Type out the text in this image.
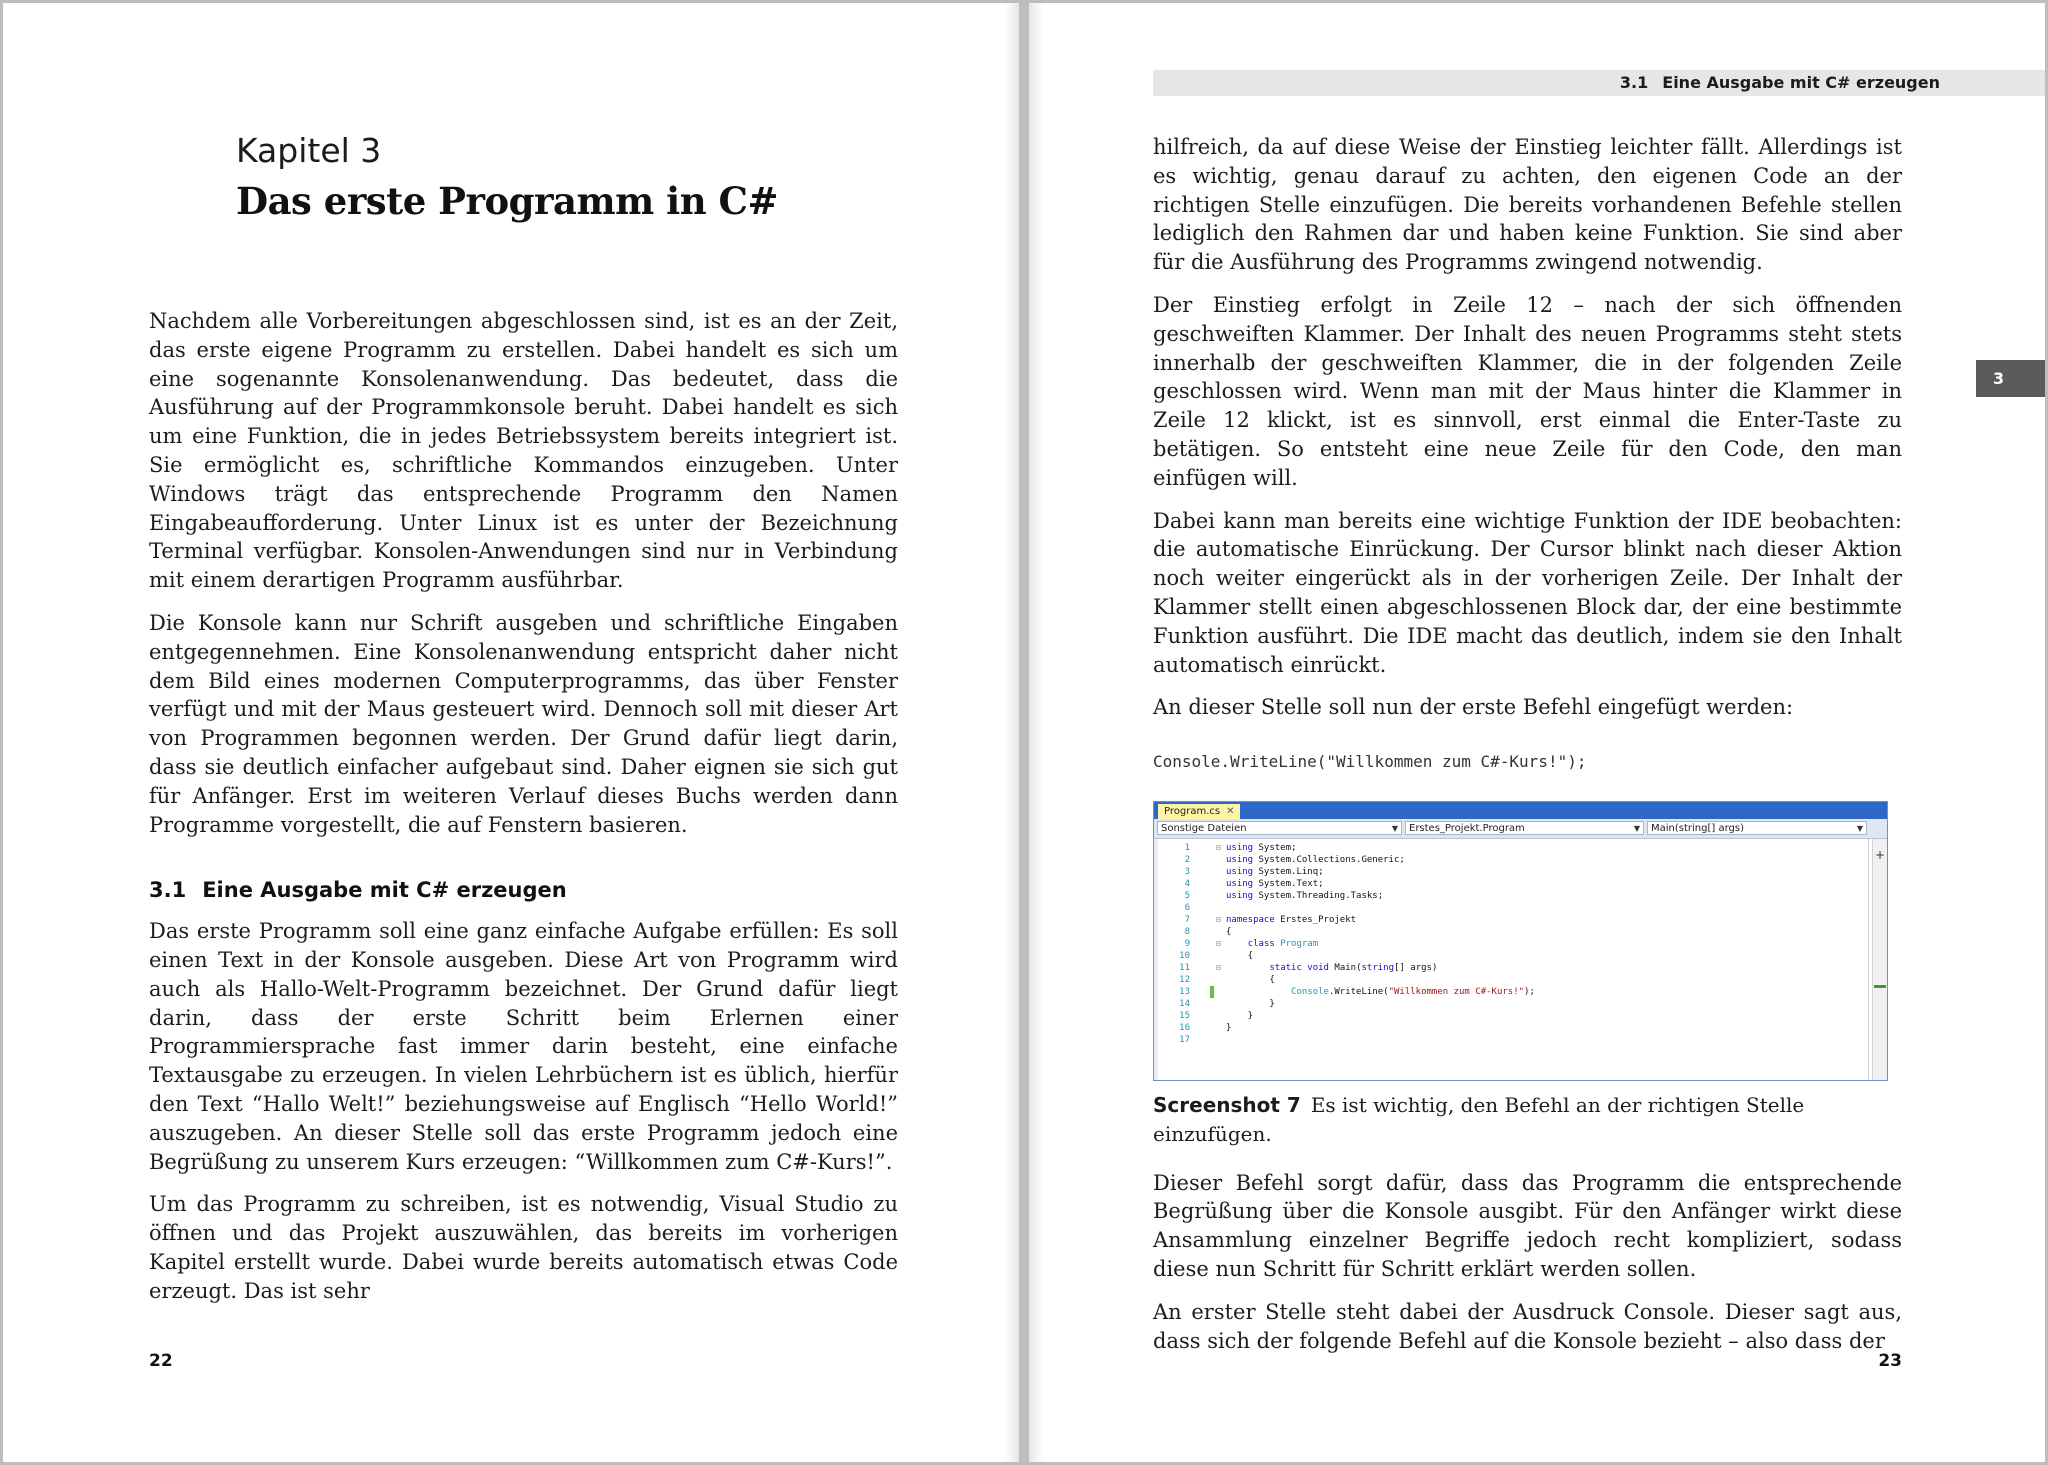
Kapitel 3
Das erste Programm in C#

Nachdem alle Vorbereitungen abgeschlossen sind, ist es an der Zeit, das erste eigene Programm zu erstellen. Dabei handelt es sich um eine sogenannte Konsolenanwendung. Das bedeutet, dass die Ausführung auf der Programmkonsole beruht. Dabei handelt es sich um eine Funktion, die in jedes Betriebssystem bereits integriert ist. Sie ermöglicht es, schriftliche Kommandos einzugeben. Unter Windows trägt das entsprechende Programm den Namen Eingabeaufforderung. Unter Linux ist es unter der Bezeichnung Terminal verfügbar. Konsolen-Anwendungen sind nur in Verbindung mit einem derartigen Programm ausführbar.

Die Konsole kann nur Schrift ausgeben und schriftliche Eingaben entgegennehmen. Eine Konsolenanwendung entspricht daher nicht dem Bild eines modernen Computerprogramms, das über Fenster verfügt und mit der Maus gesteuert wird. Dennoch soll mit dieser Art von Programmen begonnen werden. Der Grund dafür liegt darin, dass sie deutlich einfacher aufgebaut sind. Daher eignen sie sich gut für Anfänger. Erst im weiteren Verlauf dieses Buchs werden dann Programme vorgestellt, die auf Fenstern basieren.

3.1 Eine Ausgabe mit C# erzeugen

Das erste Programm soll eine ganz einfache Aufgabe erfüllen: Es soll einen Text in der Konsole ausgeben. Diese Art von Programm wird auch als Hallo-Welt-Programm bezeichnet. Der Grund dafür liegt darin, dass der erste Schritt beim Erlernen einer Programmiersprache fast immer darin besteht, eine einfache Textausgabe zu erzeugen. In vielen Lehrbüchern ist es üblich, hierfür den Text “Hallo Welt!” beziehungsweise auf Englisch “Hello World!” auszugeben. An dieser Stelle soll das erste Programm jedoch eine Begrüßung zu unserem Kurs erzeugen: “Willkommen zum C#-Kurs!”.

Um das Programm zu schreiben, ist es notwendig, Visual Studio zu öffnen und das Projekt auszuwählen, das bereits im vorherigen Kapitel erstellt wurde. Dabei wurde bereits automatisch etwas Code erzeugt. Das ist sehr

22
3.1 Eine Ausgabe mit C# erzeugen
3

hilfreich, da auf diese Weise der Einstieg leichter fällt. Allerdings ist es wichtig, genau darauf zu achten, den eigenen Code an der richtigen Stelle einzufügen. Die bereits vorhandenen Befehle stellen lediglich den Rahmen dar und haben keine Funktion. Sie sind aber für die Ausführung des Programms zwingend notwendig.

Der Einstieg erfolgt in Zeile 12 – nach der sich öffnenden geschweiften Klammer. Der Inhalt des neuen Programms steht stets innerhalb der geschweiften Klammer, die in der folgenden Zeile geschlossen wird. Wenn man mit der Maus hinter die Klammer in Zeile 12 klickt, ist es sinnvoll, erst einmal die Enter-Taste zu betätigen. So entsteht eine neue Zeile für den Code, den man einfügen will.

Dabei kann man bereits eine wichtige Funktion der IDE beobachten: die automatische Einrückung. Der Cursor blinkt nach dieser Aktion noch weiter eingerückt als in der vorherigen Zeile. Der Inhalt der Klammer stellt einen abgeschlossenen Block dar, der eine bestimmte Funktion ausführt. Die IDE macht das deutlich, indem sie den Inhalt automatisch einrückt.

An dieser Stelle soll nun der erste Befehl eingefügt werden:

Console.WriteLine("Willkommen zum C#-Kurs!");
Program.cs ✕
Sonstige Dateien	▼	Erstes_Projekt.Program	▼	Main(string[] args)	▼
1	⊟ using System;
2	using System.Collections.Generic;
3	using System.Linq;
4	using System.Text;
5	using System.Threading.Tasks;
6
7	⊟ namespace Erstes_Projekt
8	{
9	⊟	class Program
10	{
11	⊟	static void Main(string[] args)
12	{
13	Console.WriteLine("Willkommen zum C#-Kurs!");
14	}
15	}
16	}
17
+
Screenshot 7 Es ist wichtig, den Befehl an der richtigen Stelle einzufügen.

Dieser Befehl sorgt dafür, dass das Programm die entsprechende Begrüßung über die Konsole ausgibt. Für den Anfänger wirkt diese Ansammlung einzelner Begriffe jedoch recht kompliziert, sodass diese nun Schritt für Schritt erklärt werden sollen.

An erster Stelle steht dabei der Ausdruck Console. Dieser sagt aus, dass sich der folgende Befehl auf die Konsole bezieht – also dass der

23
